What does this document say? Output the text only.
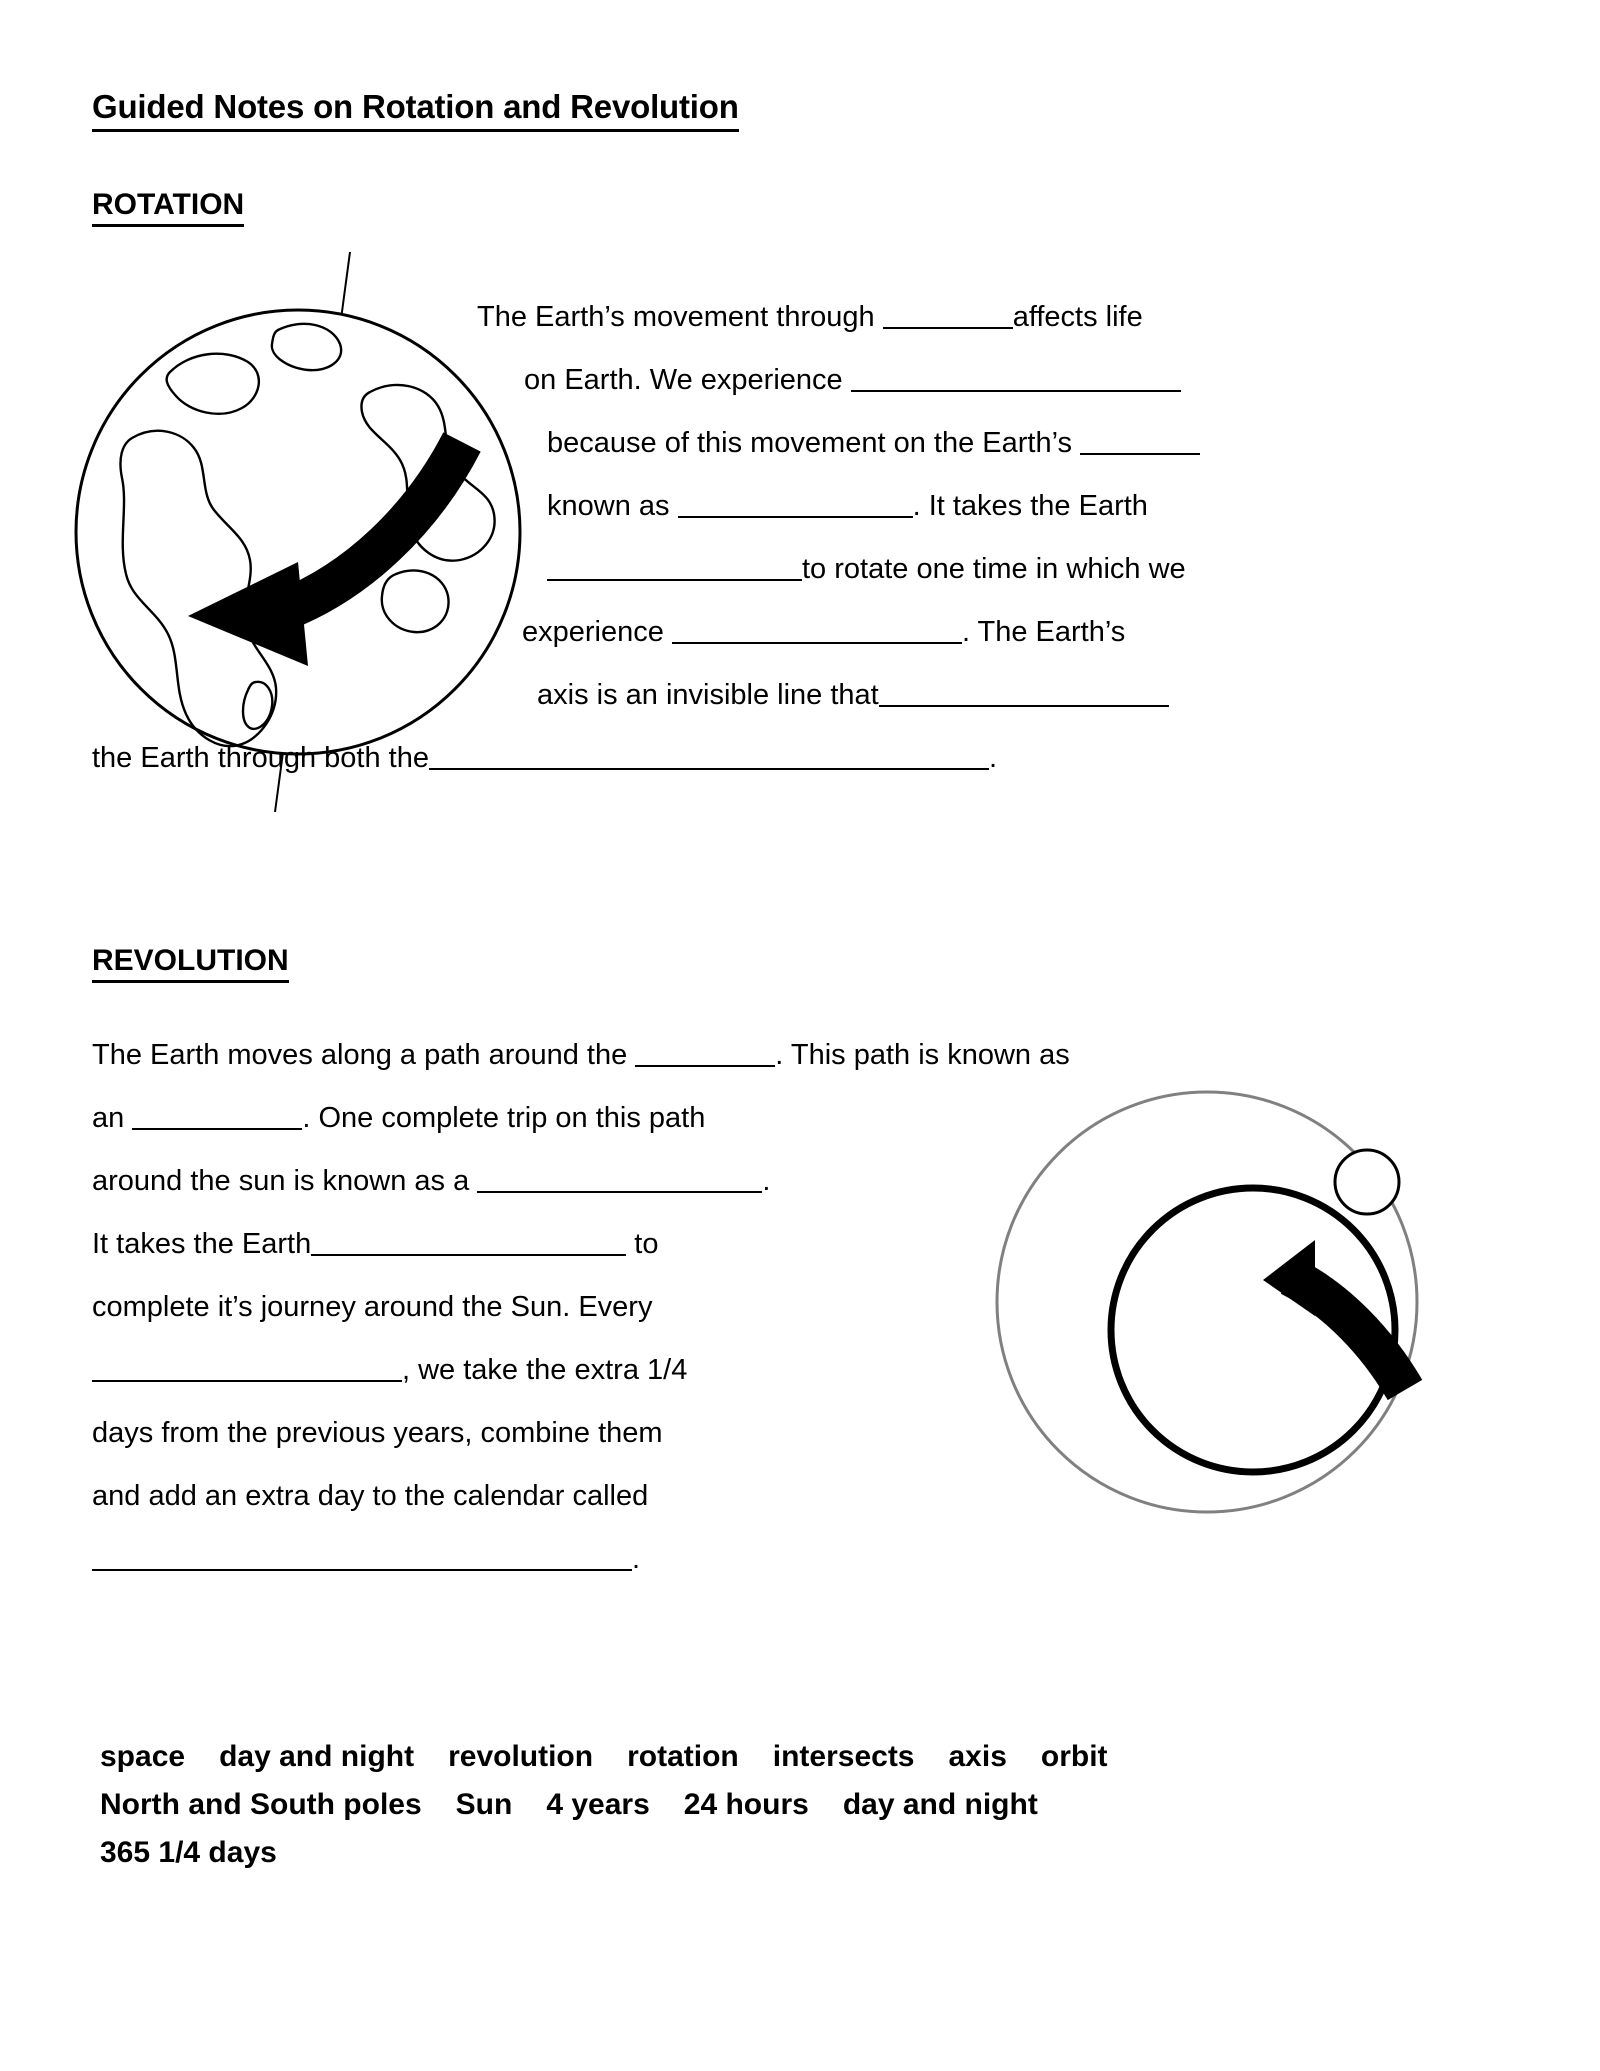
Guided Notes on Rotation and Revolution
ROTATION

The Earth’s movement through	affects life

on Earth. We experience

because of this movement on the Earth’s

known as	. It takes the Earth

to rotate one time in which we

experience	. The Earth’s

axis is an invisible line that

the Earth through both the	.

REVOLUTION

The Earth moves along a path around the	. This path is known as

an	. One complete trip on this path

around the sun is known as a	.

It takes the Earth	to

complete it’s journey around the Sun. Every

, we take the extra 1/4

days from the previous years, combine them

and add an extra day to the calendar called

.

space day and night revolution rotation intersects axis orbit
North and South poles Sun 4 years 24 hours day and night
365 1/4 days
